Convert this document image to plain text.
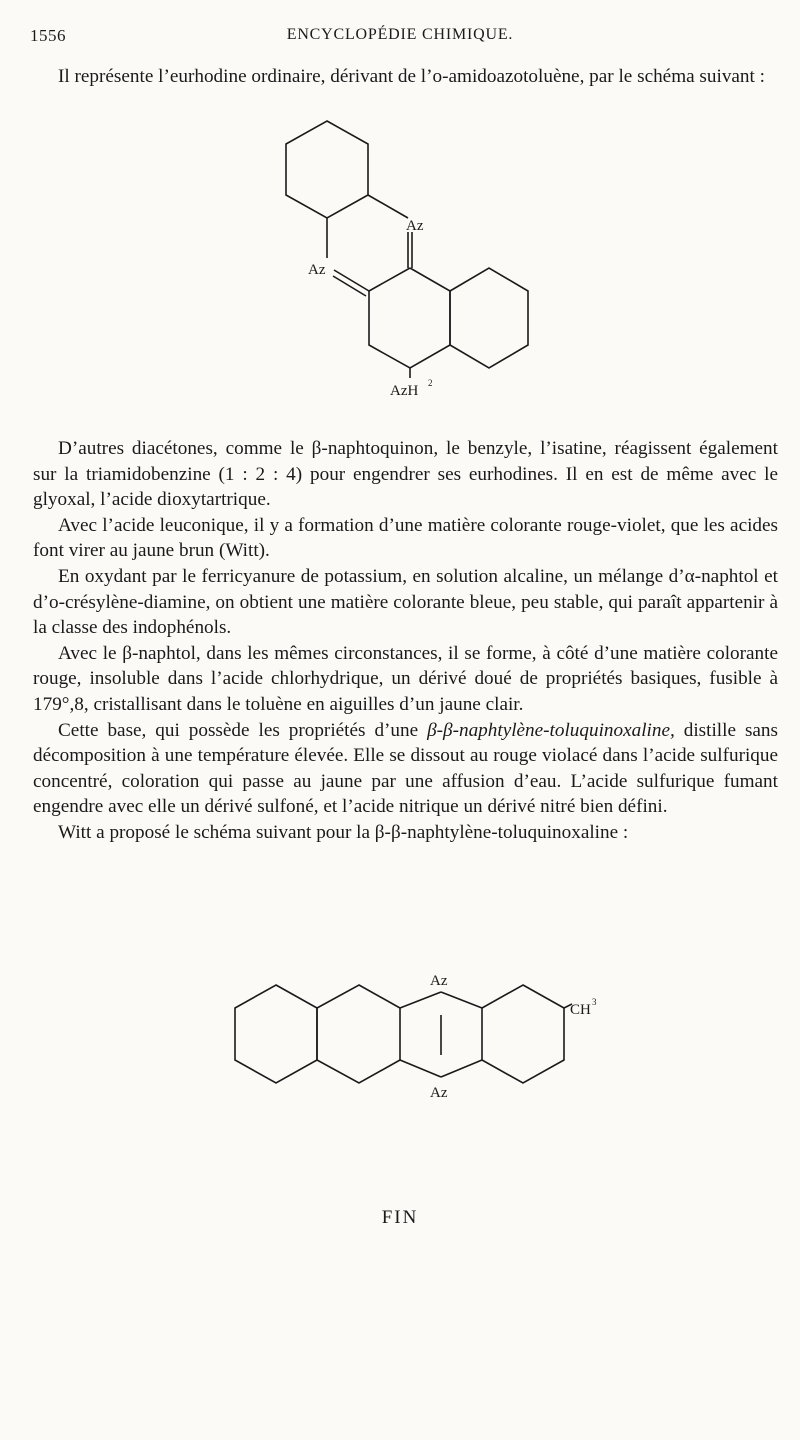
1556	ENCYCLOPÉDIE CHIMIQUE.

Il représente l’eurhodine ordinaire, dérivant de l’o-amidoazotoluène, par le schéma suivant :

Az
Az
AzH 2

D’autres diacétones, comme le β-naphtoquinon, le benzyle, l’isatine, réagissent également sur la triamidobenzine (1 : 2 : 4) pour engendrer ses eurhodines. Il en est de même avec le glyoxal, l’acide dioxytartrique.

Avec l’acide leuconique, il y a formation d’une matière colorante rouge-violet, que les acides font virer au jaune brun (Witt).

En oxydant par le ferricyanure de potassium, en solution alcaline, un mélange d’α-naphtol et d’o-crésylène-diamine, on obtient une matière colorante bleue, peu stable, qui paraît appartenir à la classe des indophénols.

Avec le β-naphtol, dans les mêmes circonstances, il se forme, à côté d’une matière colorante rouge, insoluble dans l’acide chlorhydrique, un dérivé doué de propriétés basiques, fusible à 179°,8, cristallisant dans le toluène en aiguilles d’un jaune clair.

Cette base, qui possède les propriétés d’une β-β-naphtylène-toluquinoxaline, distille sans décomposition à une température élevée. Elle se dissout au rouge violacé dans l’acide sulfurique concentré, coloration qui passe au jaune par une affusion d’eau. L’acide sulfurique fumant engendre avec elle un dérivé sulfoné, et l’acide nitrique un dérivé nitré bien défini.

Witt a proposé le schéma suivant pour la β-β-naphtylène-toluquinoxaline :

Az
Az
CH 3
FIN
